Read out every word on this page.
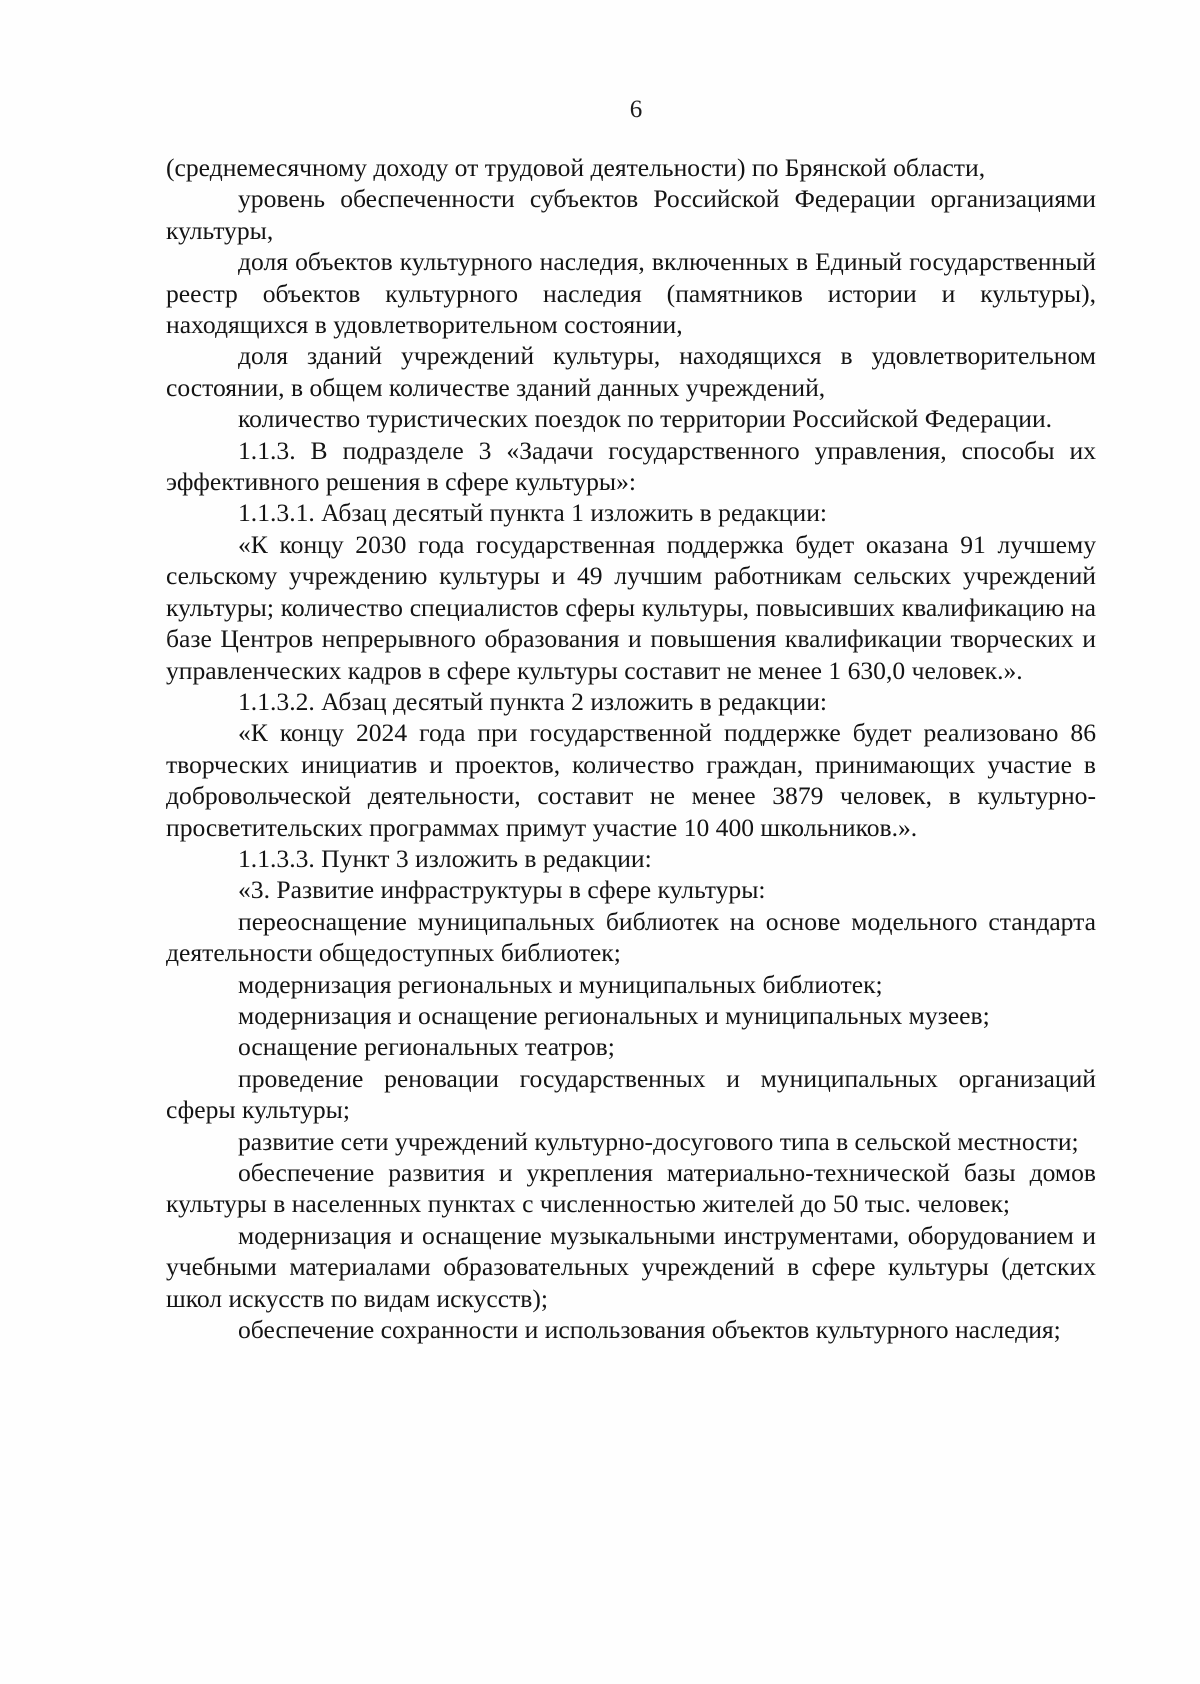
6

(среднемесячному доходу от трудовой деятельности) по Брянской области,

уровень обеспеченности субъектов Российской Федерации организациями культуры,

доля объектов культурного наследия, включенных в Единый государственный реестр объектов культурного наследия (памятников истории и культуры), находящихся в удовлетворительном состоянии,

доля зданий учреждений культуры, находящихся в удовлетворительном состоянии, в общем количестве зданий данных учреждений,

количество туристических поездок по территории Российской Федерации.

1.1.3. В подразделе 3 «Задачи государственного управления, способы их эффективного решения в сфере культуры»:

1.1.3.1. Абзац десятый пункта 1 изложить в редакции:

«К концу 2030 года государственная поддержка будет оказана 91 лучшему сельскому учреждению культуры и 49 лучшим работникам сельских учреждений культуры; количество специалистов сферы культуры, повысивших квалификацию на базе Центров непрерывного образования и повышения квалификации творческих и управленческих кадров в сфере культуры составит не менее 1 630,0 человек.».

1.1.3.2. Абзац десятый пункта 2 изложить в редакции:

«К концу 2024 года при государственной поддержке будет реализовано 86 творческих инициатив и проектов, количество граждан, принимающих участие в добровольческой деятельности, составит не менее 3879 человек, в культурно-просветительских программах примут участие 10 400 школьников.».

1.1.3.3. Пункт 3 изложить в редакции:

«3. Развитие инфраструктуры в сфере культуры:

переоснащение муниципальных библиотек на основе модельного стандарта деятельности общедоступных библиотек;

модернизация региональных и муниципальных библиотек;

модернизация и оснащение региональных и муниципальных музеев;

оснащение региональных театров;

проведение реновации государственных и муниципальных организаций сферы культуры;

развитие сети учреждений культурно-досугового типа в сельской местности;

обеспечение развития и укрепления материально-технической базы домов культуры в населенных пунктах с численностью жителей до 50 тыс. человек;

модернизация и оснащение музыкальными инструментами, оборудованием и учебными материалами образовательных учреждений в сфере культуры (детских школ искусств по видам искусств);

обеспечение сохранности и использования объектов культурного наследия;
